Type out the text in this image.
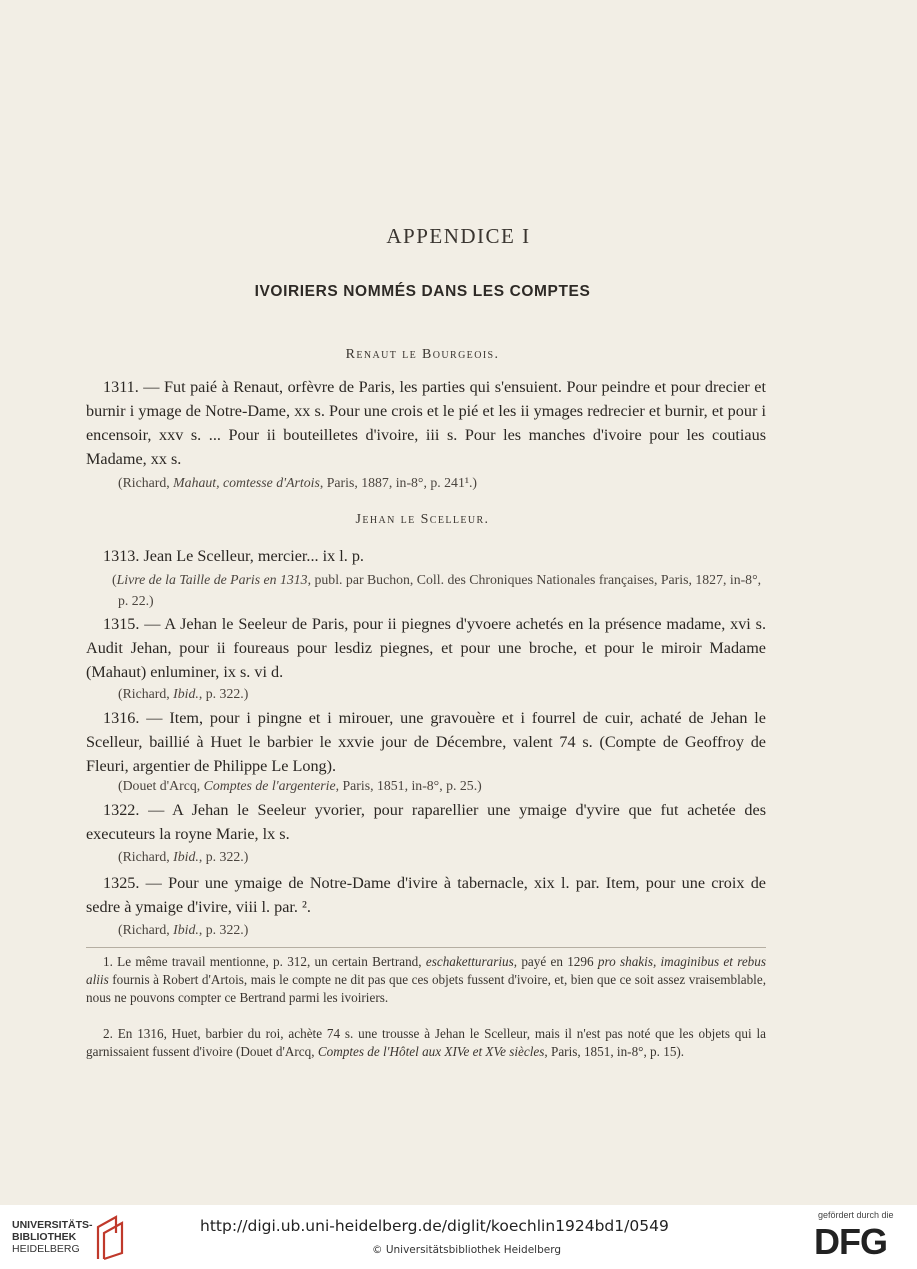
APPENDICE I
IVOIRIERS NOMMÉS DANS LES COMPTES
Renaut le Bourgeois.

1311. — Fut paié à Renaut, orfèvre de Paris, les parties qui s'ensuient. Pour peindre et pour drecier et burnir i ymage de Notre-Dame, xx s. Pour une crois et le pié et les ii ymages redrecier et burnir, et pour i encensoir, xxv s. ... Pour ii bouteilletes d'ivoire, iii s. Pour les manches d'ivoire pour les coutiaus Madame, xx s.

(Richard, Mahaut, comtesse d'Artois, Paris, 1887, in-8°, p. 241¹.)

Jehan le Scelleur.

1313. Jean Le Scelleur, mercier... ix l. p.

(Livre de la Taille de Paris en 1313, publ. par Buchon, Coll. des Chroniques Nationales françaises, Paris, 1827, in-8°, p. 22.)

1315. — A Jehan le Seeleur de Paris, pour ii piegnes d'yvoere achetés en la présence madame, xvi s. Audit Jehan, pour ii foureaus pour lesdiz piegnes, et pour une broche, et pour le miroir Madame (Mahaut) enluminer, ix s. vi d.

(Richard, Ibid., p. 322.)

1316. — Item, pour i pingne et i mirouer, une gravouère et i fourrel de cuir, achaté de Jehan le Scelleur, baillié à Huet le barbier le xxvie jour de Décembre, valent 74 s. (Compte de Geoffroy de Fleuri, argentier de Philippe Le Long).

(Douet d'Arcq, Comptes de l'argenterie, Paris, 1851, in-8°, p. 25.)

1322. — A Jehan le Seeleur yvorier, pour raparellier une ymaige d'yvire que fut achetée des executeurs la royne Marie, lx s.

(Richard, Ibid., p. 322.)

1325. — Pour une ymaige de Notre-Dame d'ivire à tabernacle, xix l. par. Item, pour une croix de sedre à ymaige d'ivire, viii l. par. ².

(Richard, Ibid., p. 322.)

1. Le même travail mentionne, p. 312, un certain Bertrand, eschaketturarius, payé en 1296 pro shakis, imaginibus et rebus aliis fournis à Robert d'Artois, mais le compte ne dit pas que ces objets fussent d'ivoire, et, bien que ce soit assez vraisemblable, nous ne pouvons compter ce Bertrand parmi les ivoiriers.

2. En 1316, Huet, barbier du roi, achète 74 s. une trousse à Jehan le Scelleur, mais il n'est pas noté que les objets qui la garnissaient fussent d'ivoire (Douet d'Arcq, Comptes de l'Hôtel aux XIVe et XVe siècles, Paris, 1851, in-8°, p. 15).

UNIVERSITÄTS-
BIBLIOTHEK
HEIDELBERG
http://digi.ub.uni-heidelberg.de/diglit/koechlin1924bd1/0549
© Universitätsbibliothek Heidelberg
gefördert durch die
DFG
